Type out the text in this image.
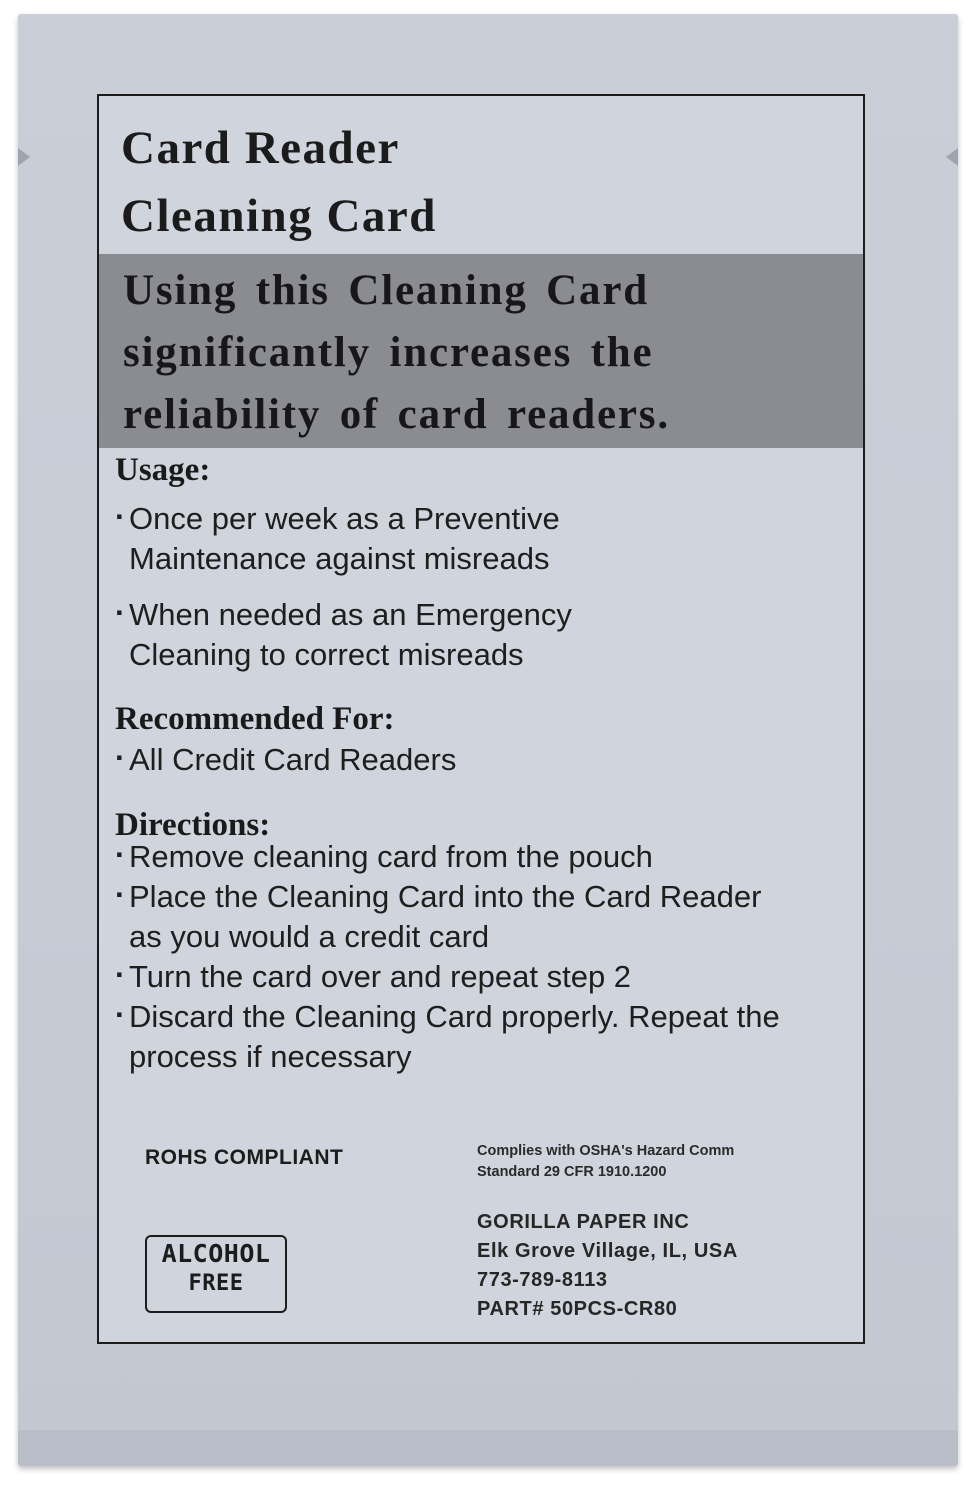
Card Reader
Cleaning Card

Using this Cleaning Card
significantly increases the
reliability of card readers.

Usage:
· Once per week as a Preventive
Maintenance against misreads
· When needed as an Emergency
Cleaning to correct misreads
Recommended For:
· All Credit Card Readers
Directions:
· Remove cleaning card from the pouch
· Place the Cleaning Card into the Card Reader
as you would a credit card
· Turn the card over and repeat step 2
· Discard the Cleaning Card properly. Repeat the
process if necessary
ROHS COMPLIANT	Complies with OSHA's Hazard Comm
Standard 29 CFR 1910.1200
GORILLA PAPER INC
Elk Grove Village, IL, USA
773-789-8113
PART# 50PCS-CR80
ALCOHOL
FREE
